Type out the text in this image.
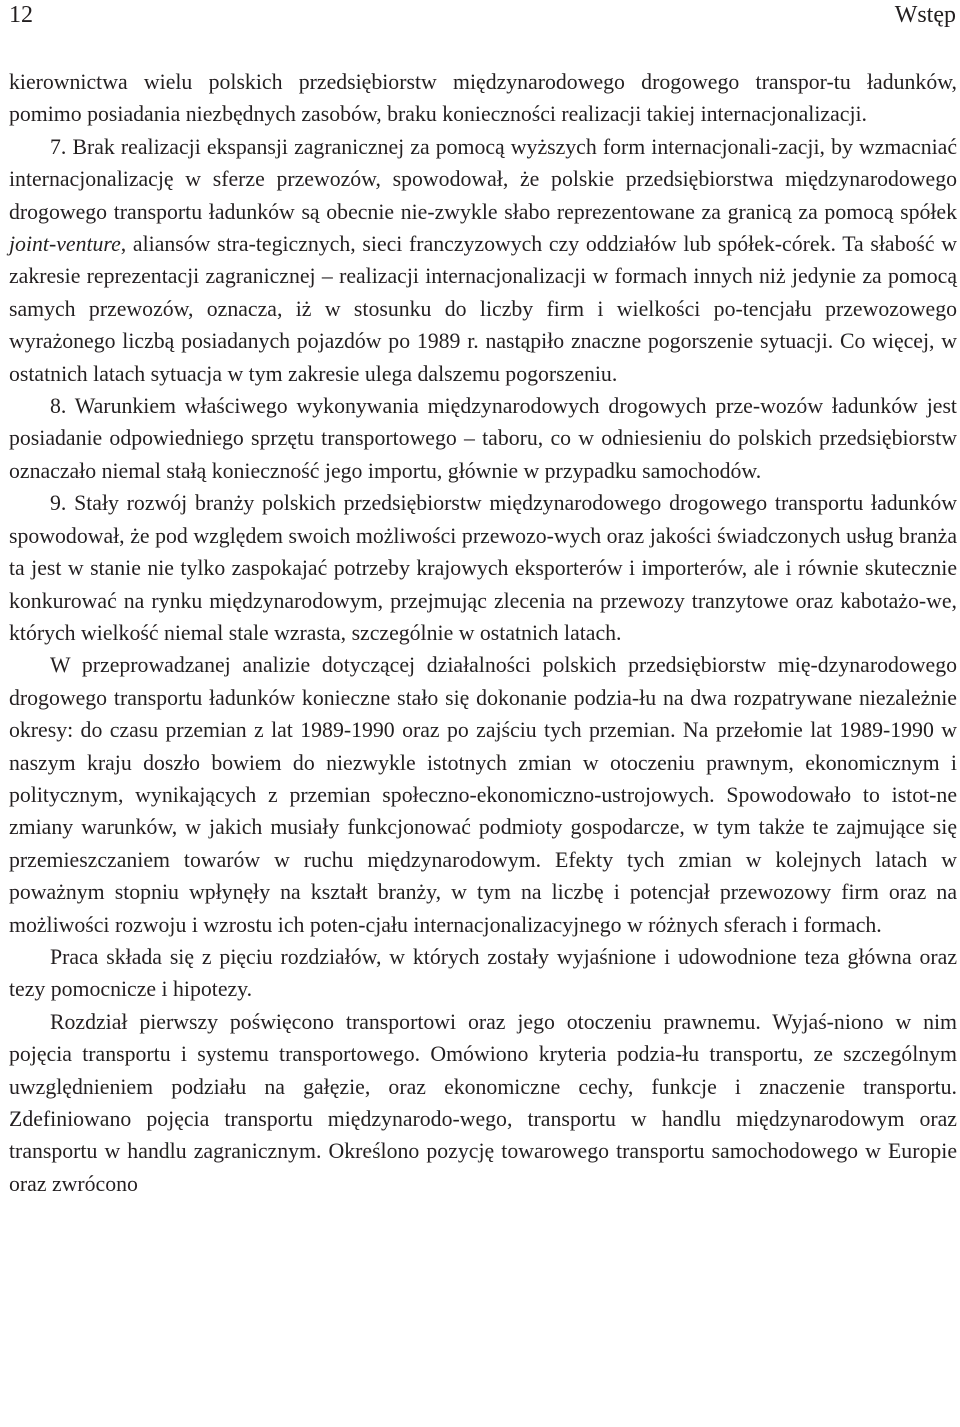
12	Wstęp

kierownictwa wielu polskich przedsiębiorstw międzynarodowego drogowego transpor-tu ładunków, pomimo posiadania niezbędnych zasobów, braku konieczności realizacji takiej internacjonalizacji.

7. Brak realizacji ekspansji zagranicznej za pomocą wyższych form internacjonali-zacji, by wzmacniać internacjonalizację w sferze przewozów, spowodował, że polskie przedsiębiorstwa międzynarodowego drogowego transportu ładunków są obecnie nie-zwykle słabo reprezentowane za granicą za pomocą spółek joint-venture, aliansów stra-tegicznych, sieci franczyzowych czy oddziałów lub spółek-córek. Ta słabość w zakresie reprezentacji zagranicznej – realizacji internacjonalizacji w formach innych niż jedynie za pomocą samych przewozów, oznacza, iż w stosunku do liczby firm i wielkości po-tencjału przewozowego wyrażonego liczbą posiadanych pojazdów po 1989 r. nastąpiło znaczne pogorszenie sytuacji. Co więcej, w ostatnich latach sytuacja w tym zakresie ulega dalszemu pogorszeniu.

8. Warunkiem właściwego wykonywania międzynarodowych drogowych prze-wozów ładunków jest posiadanie odpowiedniego sprzętu transportowego – taboru, co w odniesieniu do polskich przedsiębiorstw oznaczało niemal stałą konieczność jego importu, głównie w przypadku samochodów.

9. Stały rozwój branży polskich przedsiębiorstw międzynarodowego drogowego transportu ładunków spowodował, że pod względem swoich możliwości przewozo-wych oraz jakości świadczonych usług branża ta jest w stanie nie tylko zaspokajać potrzeby krajowych eksporterów i importerów, ale i równie skutecznie konkurować na rynku międzynarodowym, przejmując zlecenia na przewozy tranzytowe oraz kabotażo-we, których wielkość niemal stale wzrasta, szczególnie w ostatnich latach.

W przeprowadzanej analizie dotyczącej działalności polskich przedsiębiorstw mię-dzynarodowego drogowego transportu ładunków konieczne stało się dokonanie podzia-łu na dwa rozpatrywane niezależnie okresy: do czasu przemian z lat 1989-1990 oraz po zajściu tych przemian. Na przełomie lat 1989-1990 w naszym kraju doszło bowiem do niezwykle istotnych zmian w otoczeniu prawnym, ekonomicznym i politycznym, wynikających z przemian społeczno-ekonomiczno-ustrojowych. Spowodowało to istot-ne zmiany warunków, w jakich musiały funkcjonować podmioty gospodarcze, w tym także te zajmujące się przemieszczaniem towarów w ruchu międzynarodowym. Efekty tych zmian w kolejnych latach w poważnym stopniu wpłynęły na kształt branży, w tym na liczbę i potencjał przewozowy firm oraz na możliwości rozwoju i wzrostu ich poten-cjału internacjonalizacyjnego w różnych sferach i formach.

Praca składa się z pięciu rozdziałów, w których zostały wyjaśnione i udowodnione teza główna oraz tezy pomocnicze i hipotezy.

Rozdział pierwszy poświęcono transportowi oraz jego otoczeniu prawnemu. Wyjaś-niono w nim pojęcia transportu i systemu transportowego. Omówiono kryteria podzia-łu transportu, ze szczególnym uwzględnieniem podziału na gałęzie, oraz ekonomiczne cechy, funkcje i znaczenie transportu. Zdefiniowano pojęcia transportu międzynarodo-wego, transportu w handlu międzynarodowym oraz transportu w handlu zagranicznym. Określono pozycję towarowego transportu samochodowego w Europie oraz zwrócono
